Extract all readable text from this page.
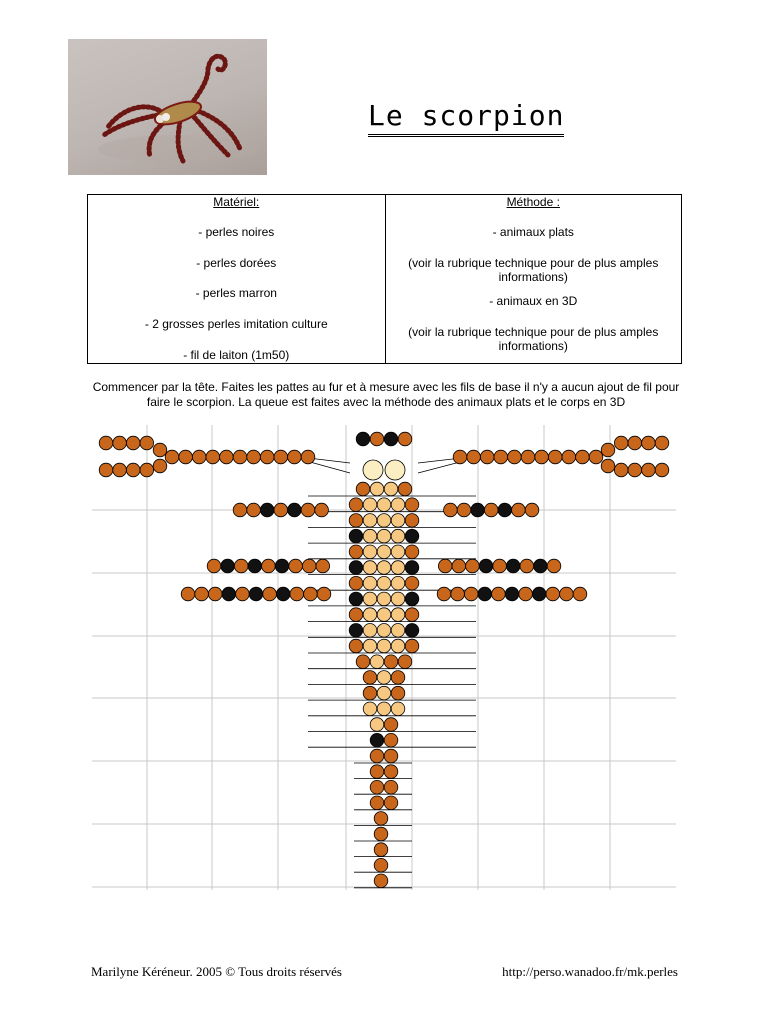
Le scorpion

Matériel:

- perles noires

- perles dorées

- perles marron

- 2 grosses perles imitation culture

- fil de laiton (1m50)

Méthode :

- animaux plats

(voir la rubrique technique pour de plus amples informations)

- animaux en 3D

(voir la rubrique technique pour de plus amples informations)

Commencer par la tête. Faites les pattes au fur et à mesure avec les fils de base il n'y a aucun ajout de fil pour faire le scorpion. La queue est faites avec la méthode des animaux plats et le corps en 3D
Marilyne Kéréneur. 2005 © Tous droits réservés	http://perso.wanadoo.fr/mk.perles
